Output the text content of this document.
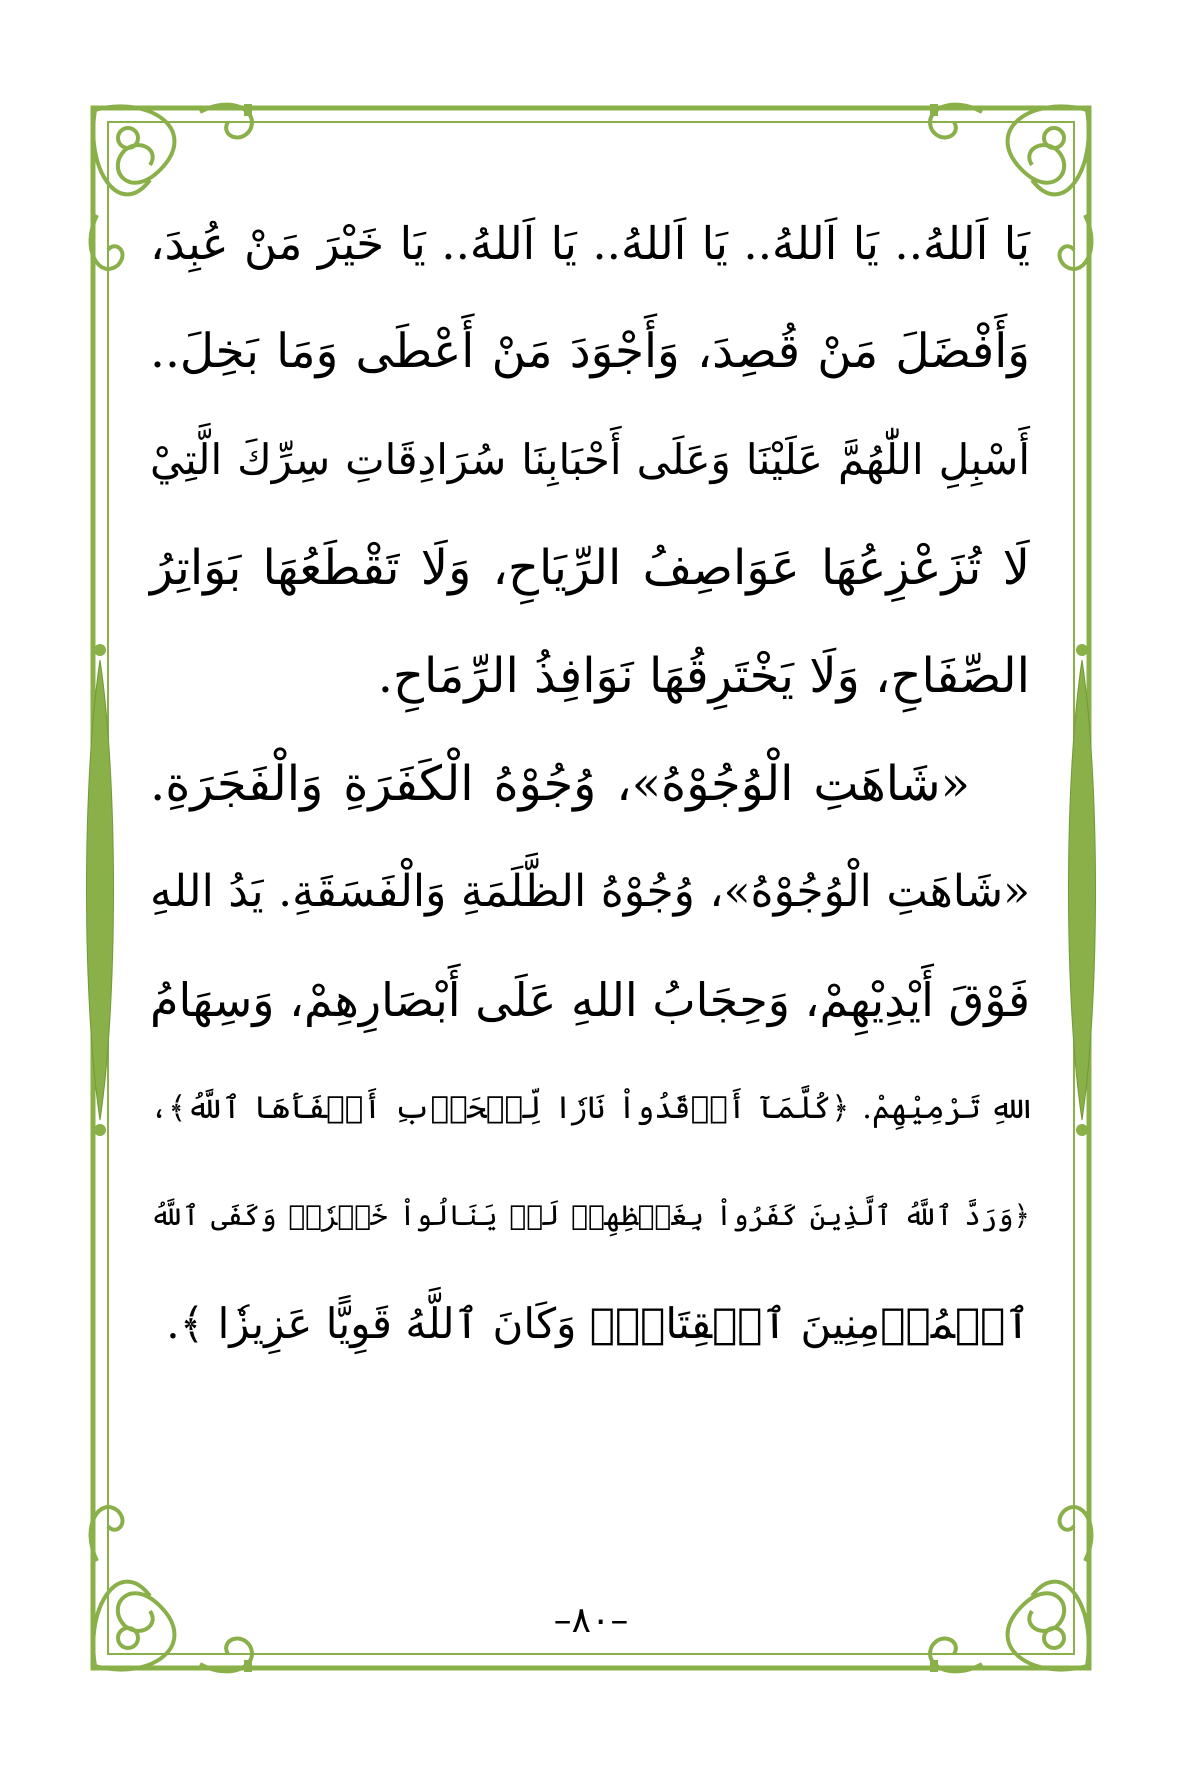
يَا اَللهُ.. يَا اَللهُ.. يَا اَللهُ.. يَا اَللهُ.. يَا خَيْرَ مَنْ عُبِدَ،
وَأَفْضَلَ مَنْ قُصِدَ، وَأَجْوَدَ مَنْ أَعْطَى وَمَا بَخِلَ..
أَسْبِلِ اللّٰهُمَّ عَلَيْنَا وَعَلَى أَحْبَابِنَا سُرَادِقَاتِ سِرِّكَ الَّتِيْ
لَا تُزَعْزِعُهَا عَوَاصِفُ الرِّيَاحِ، وَلَا تَقْطَعُهَا بَوَاتِرُ
الصِّفَاحِ، وَلَا يَخْتَرِقُهَا نَوَافِذُ الرِّمَاحِ.
«شَاهَتِ الْوُجُوْهُ»، وُجُوْهُ الْكَفَرَةِ وَالْفَجَرَةِ.
«شَاهَتِ الْوُجُوْهُ»، وُجُوْهُ الظَّلَمَةِ وَالْفَسَقَةِ. يَدُ اللهِ
فَوْقَ أَيْدِيْهِمْ، وَحِجَابُ اللهِ عَلَى أَبْصَارِهِمْ، وَسِهَامُ
اللهِ تَرْمِيْهِمْ. ﴿كُلَّمَآ أَوۡقَدُواْ نَارٗا لِّلۡحَرۡبِ أَطۡفَأَهَا ٱللَّهُ﴾،
﴿وَرَدَّ ٱللَّهُ ٱلَّذِينَ كَفَرُواْ بِغَيۡظِهِمۡ لَمۡ يَنَالُواْ خَيۡرٗاۚ وَكَفَى ٱللَّهُ
ٱلۡمُؤۡمِنِينَ ٱلۡقِتَالَۚ وَكَانَ ٱللَّهُ قَوِيًّا عَزِيزٗا ﴾.
–٨٠–
